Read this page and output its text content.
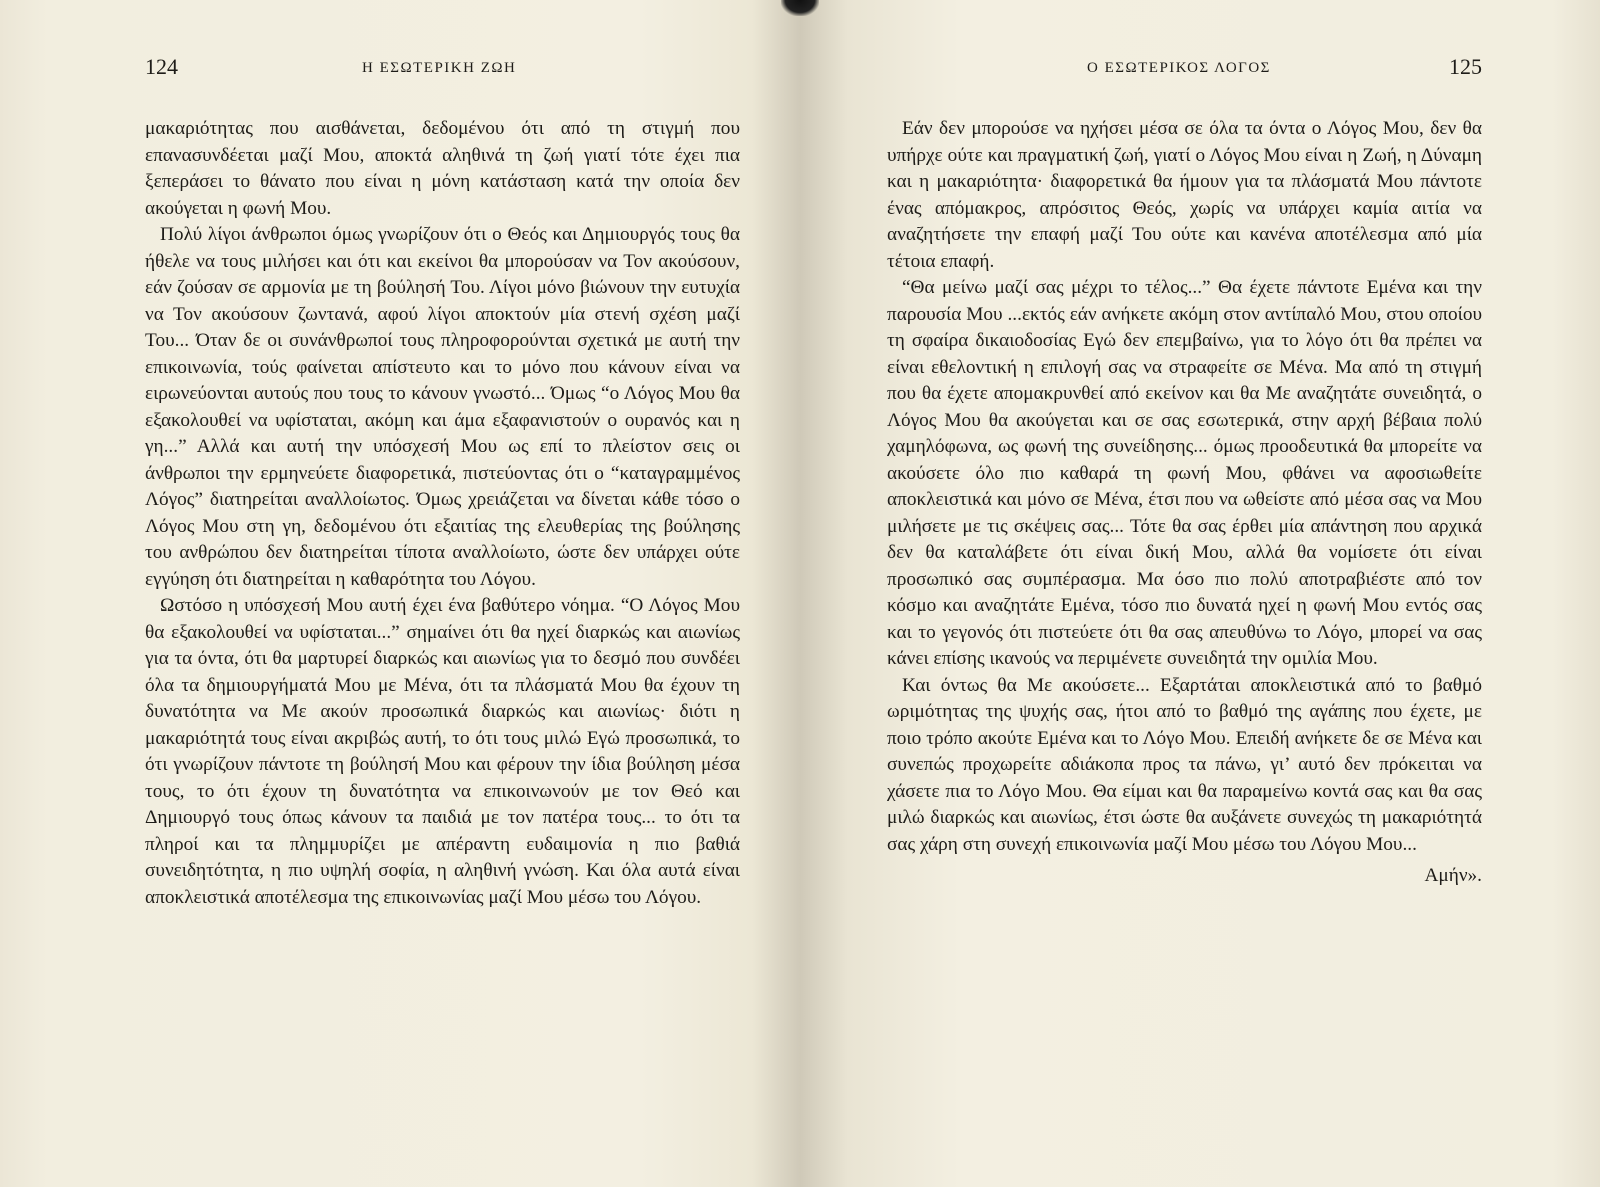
124	Η ΕΣΩΤΕΡΙΚΗ ΖΩΗ

μακαριότητας που αισθάνεται, δεδομένου ότι από τη στιγμή που επανασυνδέεται μαζί Μου, αποκτά αληθινά τη ζωή γιατί τότε έχει πια ξεπεράσει το θάνατο που είναι η μόνη κατάσταση κατά την οποία δεν ακούγεται η φωνή Μου.

Πολύ λίγοι άνθρωποι όμως γνωρίζουν ότι ο Θεός και Δημιουργός τους θα ήθελε να τους μιλήσει και ότι και εκείνοι θα μπορούσαν να Τον ακούσουν, εάν ζούσαν σε αρμονία με τη βούλησή Του. Λίγοι μόνο βιώνουν την ευτυχία να Τον ακούσουν ζωντανά, αφού λίγοι αποκτούν μία στενή σχέση μαζί Του... Όταν δε οι συνάνθρωποί τους πληροφορούνται σχετικά με αυτή την επικοινωνία, τούς φαίνεται απίστευτο και το μόνο που κάνουν είναι να ειρωνεύονται αυτούς που τους το κάνουν γνωστό... Όμως “ο Λόγος Μου θα εξακολουθεί να υφίσταται, ακόμη και άμα εξαφανιστούν ο ουρανός και η γη...” Αλλά και αυτή την υπόσχεσή Μου ως επί το πλείστον σεις οι άνθρωποι την ερμηνεύετε διαφορετικά, πιστεύοντας ότι ο “καταγραμμένος Λόγος” διατηρείται αναλλοίωτος. Όμως χρειάζεται να δίνεται κάθε τόσο ο Λόγος Μου στη γη, δεδομένου ότι εξαιτίας της ελευθερίας της βούλησης του ανθρώπου δεν διατηρείται τίποτα αναλλοίωτο, ώστε δεν υπάρχει ούτε εγγύηση ότι διατηρείται η καθαρότητα του Λόγου.

Ωστόσο η υπόσχεσή Μου αυτή έχει ένα βαθύτερο νόημα. “Ο Λόγος Μου θα εξακολουθεί να υφίσταται...” σημαίνει ότι θα ηχεί διαρκώς και αιωνίως για τα όντα, ότι θα μαρτυρεί διαρκώς και αιωνίως για το δεσμό που συνδέει όλα τα δημιουργήματά Μου με Μένα, ότι τα πλάσματά Μου θα έχουν τη δυνατότητα να Με ακούν προσωπικά διαρκώς και αιωνίως· διότι η μακαριότητά τους είναι ακριβώς αυτή, το ότι τους μιλώ Εγώ προσωπικά, το ότι γνωρίζουν πάντοτε τη βούλησή Μου και φέρουν την ίδια βούληση μέσα τους, το ότι έχουν τη δυνατότητα να επικοινωνούν με τον Θεό και Δημιουργό τους όπως κάνουν τα παιδιά με τον πατέρα τους... το ότι τα πληροί και τα πλημμυρίζει με απέραντη ευδαιμονία η πιο βαθιά συνειδητότητα, η πιο υψηλή σοφία, η αληθινή γνώση. Και όλα αυτά είναι αποκλειστικά αποτέλεσμα της επικοινωνίας μαζί Μου μέσω του Λόγου.

Ο ΕΣΩΤΕΡΙΚΟΣ ΛΟΓΟΣ	125

Εάν δεν μπορούσε να ηχήσει μέσα σε όλα τα όντα ο Λόγος Μου, δεν θα υπήρχε ούτε και πραγματική ζωή, γιατί ο Λόγος Μου είναι η Ζωή, η Δύναμη και η μακαριότητα· διαφορετικά θα ήμουν για τα πλάσματά Μου πάντοτε ένας απόμακρος, απρόσιτος Θεός, χωρίς να υπάρχει καμία αιτία να αναζητήσετε την επαφή μαζί Του ούτε και κανένα αποτέλεσμα από μία τέτοια επαφή.

“Θα μείνω μαζί σας μέχρι το τέλος...” Θα έχετε πάντοτε Εμένα και την παρουσία Μου ...εκτός εάν ανήκετε ακόμη στον αντίπαλό Μου, στου οποίου τη σφαίρα δικαιοδοσίας Εγώ δεν επεμβαίνω, για το λόγο ότι θα πρέπει να είναι εθελοντική η επιλογή σας να στραφείτε σε Μένα. Μα από τη στιγμή που θα έχετε απομακρυνθεί από εκείνον και θα Με αναζητάτε συνειδητά, ο Λόγος Μου θα ακούγεται και σε σας εσωτερικά, στην αρχή βέβαια πολύ χαμηλόφωνα, ως φωνή της συνείδησης... όμως προοδευτικά θα μπορείτε να ακούσετε όλο πιο καθαρά τη φωνή Μου, φθάνει να αφοσιωθείτε αποκλειστικά και μόνο σε Μένα, έτσι που να ωθείστε από μέσα σας να Μου μιλήσετε με τις σκέψεις σας... Τότε θα σας έρθει μία απάντηση που αρχικά δεν θα καταλάβετε ότι είναι δική Μου, αλλά θα νομίσετε ότι είναι προσωπικό σας συμπέρασμα. Μα όσο πιο πολύ αποτραβιέστε από τον κόσμο και αναζητάτε Εμένα, τόσο πιο δυνατά ηχεί η φωνή Μου εντός σας και το γεγονός ότι πιστεύετε ότι θα σας απευθύνω το Λόγο, μπορεί να σας κάνει επίσης ικανούς να περιμένετε συνειδητά την ομιλία Μου.

Και όντως θα Με ακούσετε... Εξαρτάται αποκλειστικά από το βαθμό ωριμότητας της ψυχής σας, ήτοι από το βαθμό της αγάπης που έχετε, με ποιο τρόπο ακούτε Εμένα και το Λόγο Μου. Επειδή ανήκετε δε σε Μένα και συνεπώς προχωρείτε αδιάκοπα προς τα πάνω, γι’ αυτό δεν πρόκειται να χάσετε πια το Λόγο Μου. Θα είμαι και θα παραμείνω κοντά σας και θα σας μιλώ διαρκώς και αιωνίως, έτσι ώστε θα αυξάνετε συνεχώς τη μακαριότητά σας χάρη στη συνεχή επικοινωνία μαζί Μου μέσω του Λόγου Μου...

Αμήν».
